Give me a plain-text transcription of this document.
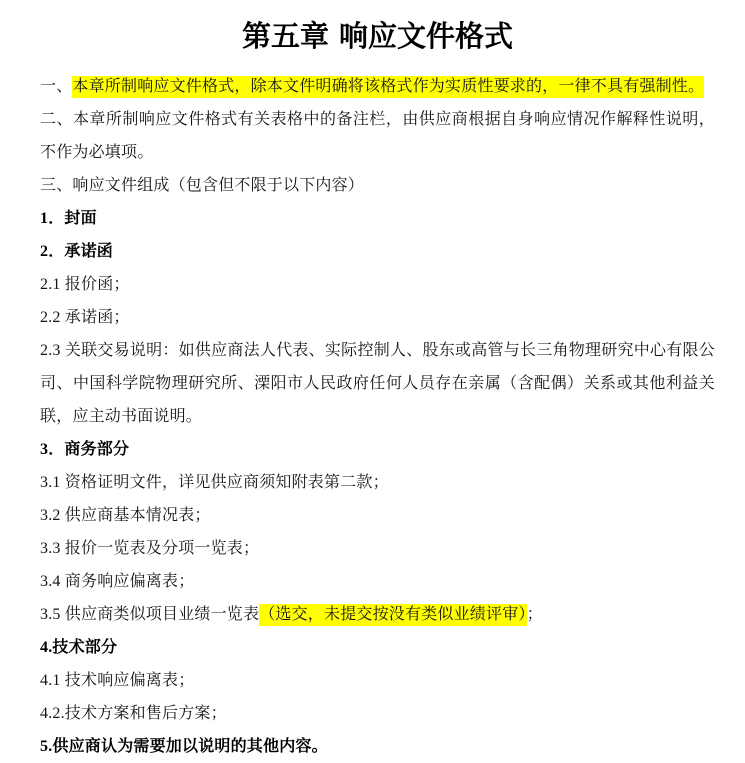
第五章 响应文件格式

一、本章所制响应文件格式，除本文件明确将该格式作为实质性要求的，一律不具有强制性。

二、本章所制响应文件格式有关表格中的备注栏，由供应商根据自身响应情况作解释性说明，不作为必填项。

三、响应文件组成（包含但不限于以下内容）

1．封面

2．承诺函

2.1 报价函；

2.2 承诺函；

2.3 关联交易说明：如供应商法人代表、实际控制人、股东或高管与长三角物理研究中心有限公司、中国科学院物理研究所、溧阳市人民政府任何人员存在亲属（含配偶）关系或其他利益关联，应主动书面说明。

3．商务部分

3.1 资格证明文件，详见供应商须知附表第二款；

3.2 供应商基本情况表；

3.3 报价一览表及分项一览表；

3.4 商务响应偏离表；

3.5 供应商类似项目业绩一览表（选交，未提交按没有类似业绩评审）；

4.技术部分

4.1 技术响应偏离表；

4.2.技术方案和售后方案；

5.供应商认为需要加以说明的其他内容。
